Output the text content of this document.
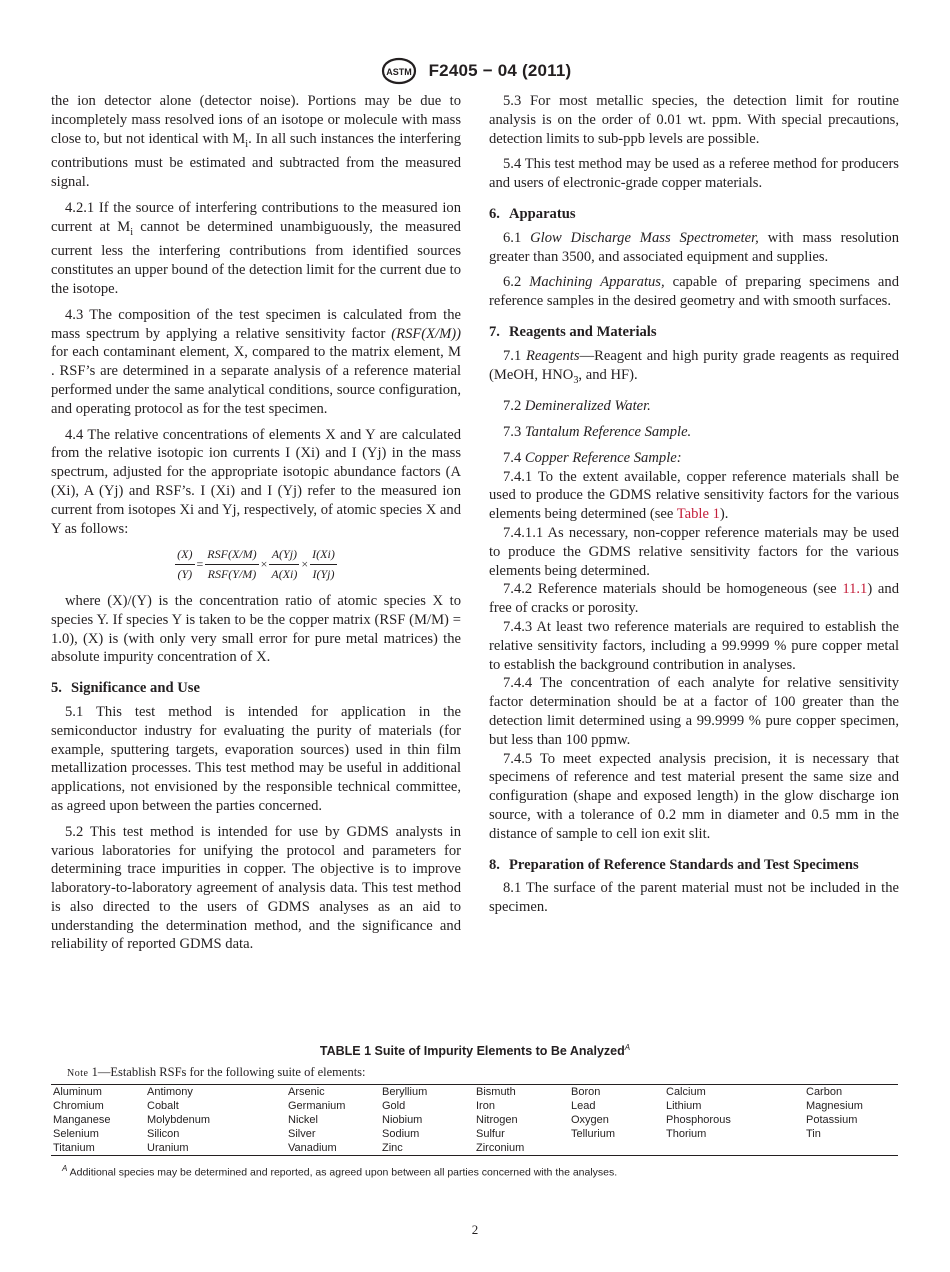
ASTM F2405 − 04 (2011)

the ion detector alone (detector noise). Portions may be due to incompletely mass resolved ions of an isotope or molecule with mass close to, but not identical with $M_i$. In all such instances the interfering contributions must be estimated and subtracted from the measured signal.

4.2.1 If the source of interfering contributions to the measured ion current at $M_i$ cannot be determined unambiguously, the measured current less the interfering contributions from identified sources constitutes an upper bound of the detection limit for the current due to the isotope.

4.3 The composition of the test specimen is calculated from the mass spectrum by applying a relative sensitivity factor (RSF(X/M)) for each contaminant element, X, compared to the matrix element, M . RSF’s are determined in a separate analysis of a reference material performed under the same analytical conditions, source configuration, and operating protocol as for the test specimen.

4.4 The relative concentrations of elements X and Y are calculated from the relative isotopic ion currents I (Xi) and I (Yj) in the mass spectrum, adjusted for the appropriate isotopic abundance factors (A (Xi), A (Yj) and RSF’s. I (Xi) and I (Yj) refer to the measured ion current from isotopes Xi and Yj, respectively, of atomic species X and Y as follows:

$\frac{(X)}{(Y)} = \frac{\text{RSF(X/M)}}{\text{RSF(Y/M)}} \times \frac{A(Yj)}{A(Xi)} \times \frac{I(Xi)}{I(Yj)}$

where (X)/(Y) is the concentration ratio of atomic species X to species Y. If species Y is taken to be the copper matrix (RSF (M/M) = 1.0), (X) is (with only very small error for pure metal matrices) the absolute impurity concentration of X.

5. Significance and Use

5.1 This test method is intended for application in the semiconductor industry for evaluating the purity of materials (for example, sputtering targets, evaporation sources) used in thin film metallization processes. This test method may be useful in additional applications, not envisioned by the responsible technical committee, as agreed upon between the parties concerned.

5.2 This test method is intended for use by GDMS analysts in various laboratories for unifying the protocol and parameters for determining trace impurities in copper. The objective is to improve laboratory-to-laboratory agreement of analysis data. This test method is also directed to the users of GDMS analyses as an aid to understanding the determination method, and the significance and reliability of reported GDMS data.

5.3 For most metallic species, the detection limit for routine analysis is on the order of 0.01 wt. ppm. With special precautions, detection limits to sub-ppb levels are possible.

5.4 This test method may be used as a referee method for producers and users of electronic-grade copper materials.

6. Apparatus

6.1 Glow Discharge Mass Spectrometer, with mass resolution greater than 3500, and associated equipment and supplies.

6.2 Machining Apparatus, capable of preparing specimens and reference samples in the desired geometry and with smooth surfaces.

7. Reagents and Materials

7.1 Reagents—Reagent and high purity grade reagents as required (MeOH, $HNO_3$, and HF).

7.2 Demineralized Water.

7.3 Tantalum Reference Sample.

7.4 Copper Reference Sample:

7.4.1 To the extent available, copper reference materials shall be used to produce the GDMS relative sensitivity factors for the various elements being determined (see Table 1).

7.4.1.1 As necessary, non-copper reference materials may be used to produce the GDMS relative sensitivity factors for the various elements being determined.

7.4.2 Reference materials should be homogeneous (see 11.1) and free of cracks or porosity.

7.4.3 At least two reference materials are required to establish the relative sensitivity factors, including a 99.9999 % pure copper metal to establish the background contribution in analyses.

7.4.4 The concentration of each analyte for relative sensitivity factor determination should be at a factor of 100 greater than the detection limit determined using a 99.9999 % pure copper specimen, but less than 100 ppmw.

7.4.5 To meet expected analysis precision, it is necessary that specimens of reference and test material present the same size and configuration (shape and exposed length) in the glow discharge ion source, with a tolerance of 0.2 mm in diameter and 0.5 mm in the distance of sample to cell ion exit slit.

8. Preparation of Reference Standards and Test Specimens

8.1 The surface of the parent material must not be included in the specimen.

TABLE 1 Suite of Impurity Elements to Be Analyzed$^A$
Note 1—Establish RSFs for the following suite of elements:
Aluminum	Antimony	Arsenic	Beryllium	Bismuth	Boron	Calcium	Carbon
Chromium	Cobalt	Germanium	Gold	Iron	Lead	Lithium	Magnesium
Manganese	Molybdenum	Nickel	Niobium	Nitrogen	Oxygen	Phosphorous	Potassium
Selenium	Silicon	Silver	Sodium	Sulfur	Tellurium	Thorium	Tin
Titanium	Uranium	Vanadium	Zinc	Zirconium			
$^A$ Additional species may be determined and reported, as agreed upon between all parties concerned with the analyses.
2
